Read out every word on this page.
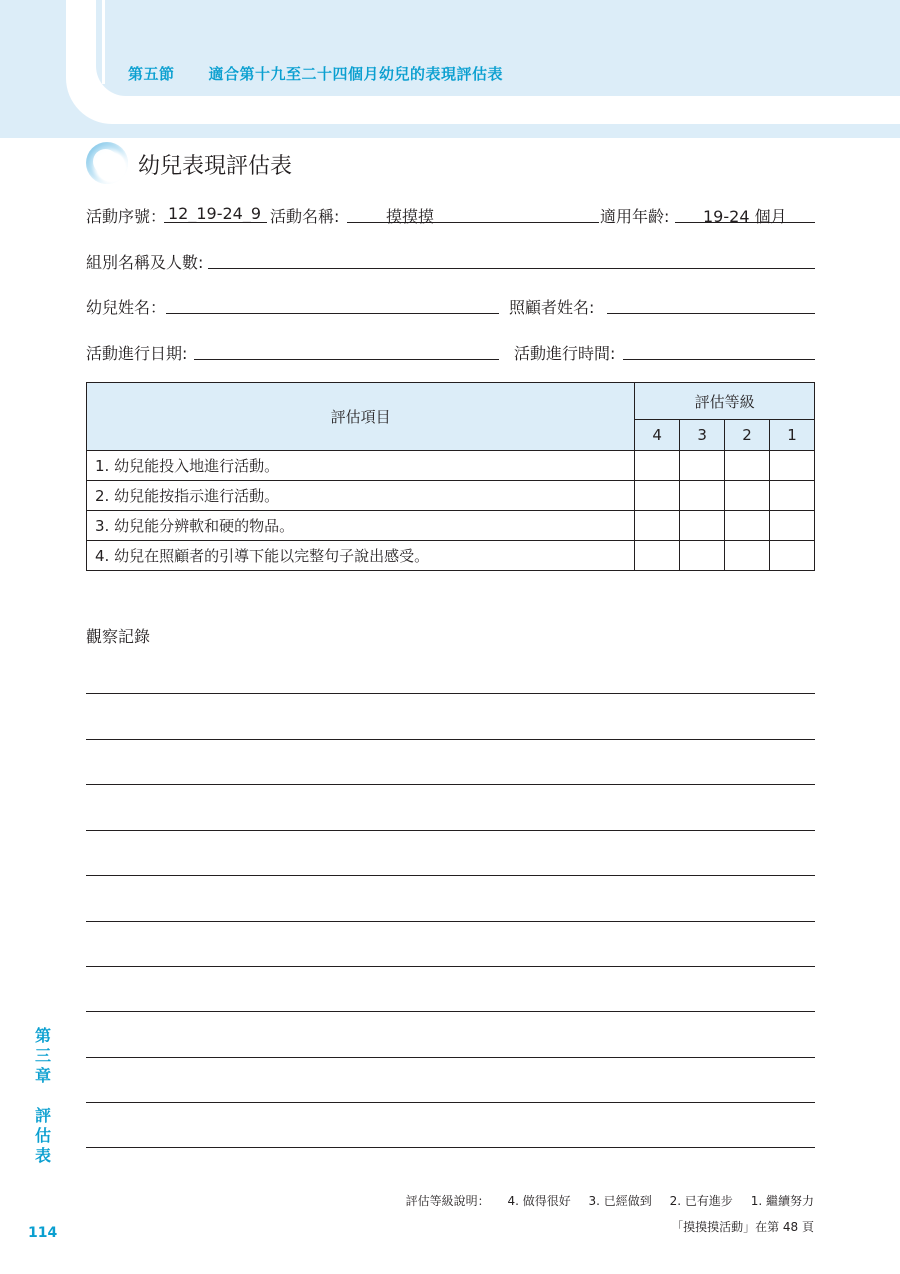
第五節 適合第十九至二十四個月幼兒的表現評估表
幼兒表現評估表
活動序號： 12_19-24_9 活動名稱:	摸摸摸	適用年齡: 19-24 個月
組別名稱及人數:
幼兒姓名：	照顧者姓名:
活動進行日期:	活動進行時間:
評估項目	評估等級			
	4	3	2	1
1. 幼兒能投入地進行活動。				
2. 幼兒能按指示進行活動。				
3. 幼兒能分辨軟和硬的物品。				
4. 幼兒在照顧者的引導下能以完整句子說出感受。				
觀察記錄
第
三
章
評
估
表
評估等級說明： 4. 做得很好 3. 已經做到 2. 已有進步 1. 繼續努力
「摸摸摸活動」在第 48 頁
114
